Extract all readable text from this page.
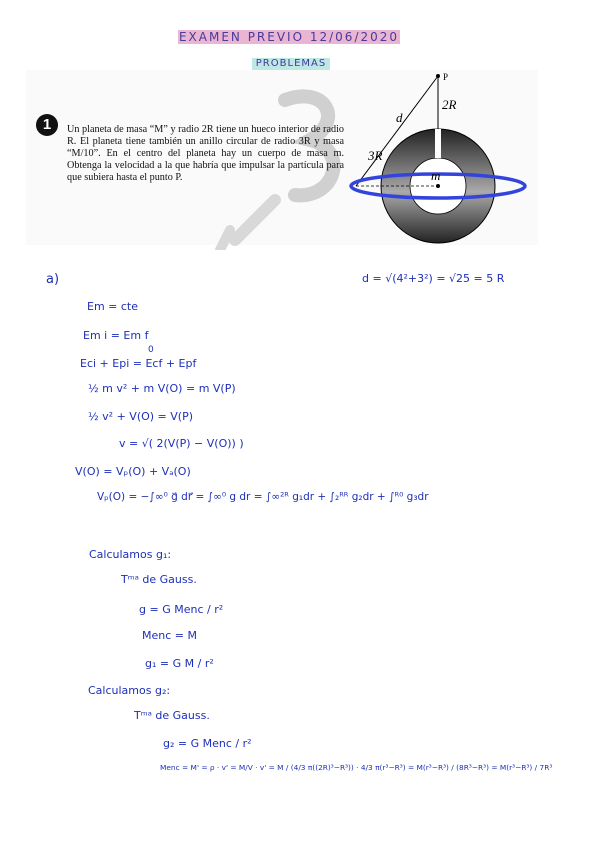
EXAMEN PREVIO 12/06/2020
PROBLEMAS
1	Un planeta de masa “M” y radio 2R tiene un hueco interior de radio R. El planeta tiene también un anillo circular de radio 3R y masa “M/10”. En el centro del planeta hay un cuerpo de masa m. Obtenga la velocidad a la que habría que impulsar la partícula para que subiera hasta el punto P.
P
2R
d
3R
m
a)	d = √(4²+3²) = √25 = 5 R
Em = cte
Em i = Em f
0
Eci + Epi = Ecf + Epf
½ m v² + m V(O) = m V(P)
½ v² + V(O) = V(P)
v = √( 2(V(P) − V(O)) )
V(O) = Vₚ(O) + Vₐ(O)
Vₚ(O) = −∫∞⁰ g⃗ dr⃗ = ∫∞⁰ g dr = ∫∞²ᴿ g₁dr + ∫₂ᴿᴿ g₂dr + ∫ᴿ⁰ g₃dr
Calculamos g₁:
Tᵐᵃ de Gauss.
g = G Menc / r²
Menc = M
g₁ = G M / r²
Calculamos g₂:
Tᵐᵃ de Gauss.
g₂ = G Menc / r²
Menc = M' = ρ · v' = M/V · v' = M / (4/3 π((2R)³−R³)) · 4/3 π(r³−R³) = M(r³−R³) / (8R³−R³) = M(r³−R³) / 7R³
